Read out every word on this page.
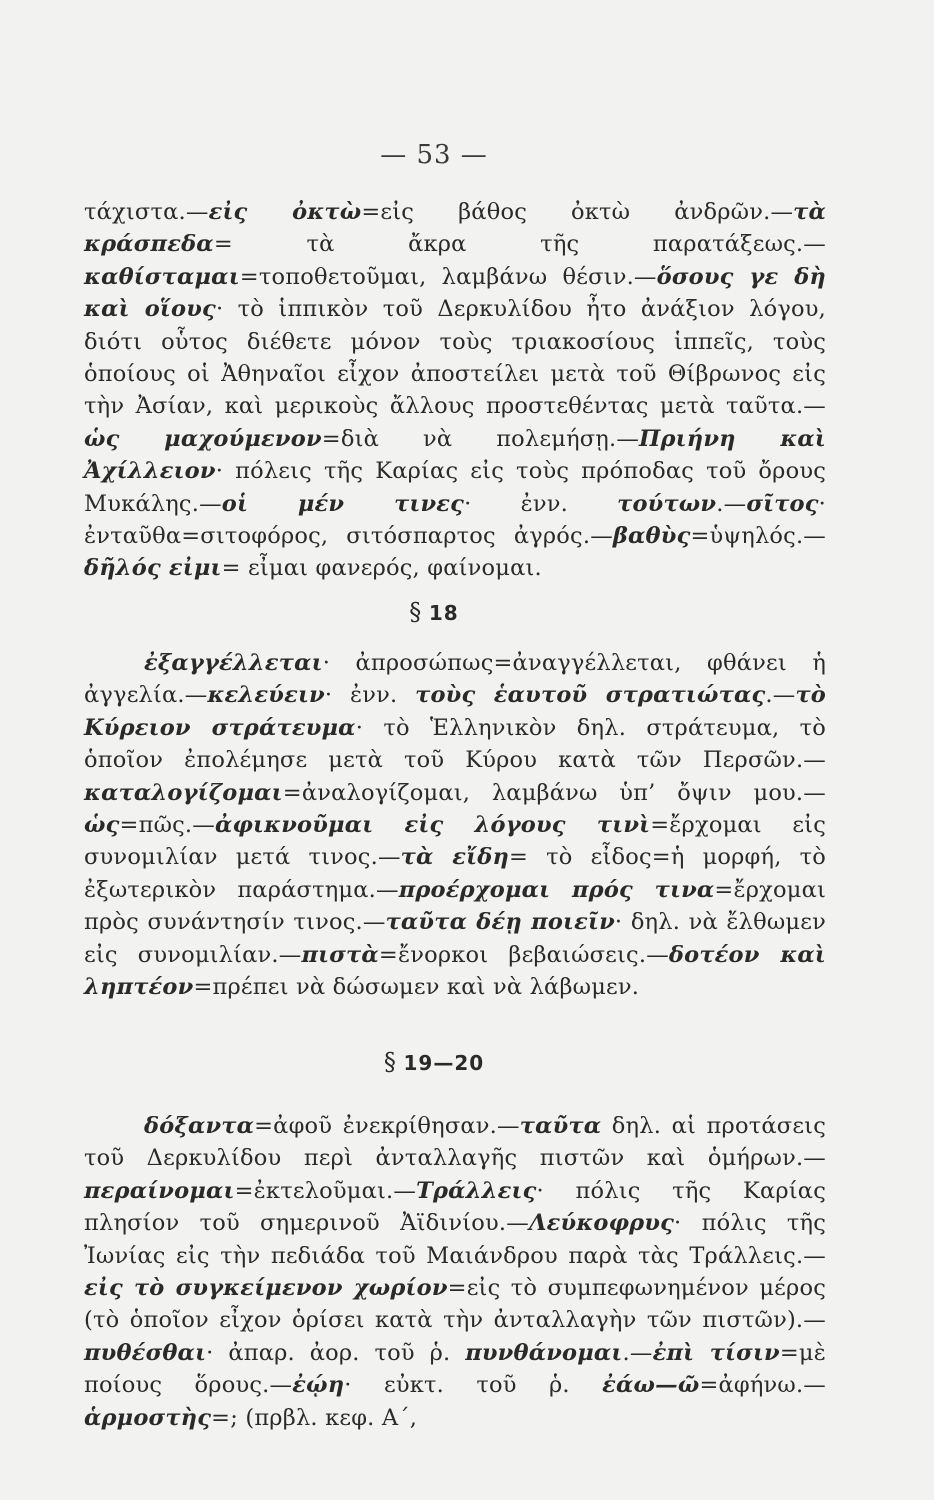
— 53 —
τάχιστα.—εἰς ὀκτὼ=εἰς βάθος ὀκτὼ ἀνδρῶν.—τὰ κράσπεδα= τὰ ἄκρα τῆς παρατάξεως.—καθίσταμαι=τοποθετοῦμαι, λαμβάνω θέσιν.—ὅσους γε δὴ καὶ οἵους· τὸ ἱππικὸν τοῦ Δερκυλίδου ἦτο ἀνάξιον λόγου, διότι οὗτος διέθετε μόνον τοὺς τριακοσίους ἱππεῖς, τοὺς ὁποίους οἱ Ἀθηναῖοι εἶχον ἀποστείλει μετὰ τοῦ Θίβρωνος εἰς τὴν Ἀσίαν, καὶ μερικοὺς ἄλλους προστεθέντας μετὰ ταῦτα.—ὡς μαχούμενον=διὰ νὰ πολεμήσῃ.—Πριήνη καὶ Ἀχίλλειον· πόλεις τῆς Καρίας εἰς τοὺς πρόποδας τοῦ ὄρους Μυκάλης.—οἱ μέν τινες· ἐνν. τούτων.—σῖτος· ἐνταῦθα=σιτοφόρος, σιτόσπαρτος ἀγρός.—βαθὺς=ὑψηλός.—δῆλός εἰμι= εἶμαι φανερός, φαίνομαι.
§ 18
ἐξαγγέλλεται· ἀπροσώπως=ἀναγγέλλεται, φθάνει ἡ ἀγγελία.—κελεύειν· ἐνν. τοὺς ἑαυτοῦ στρατιώτας.—τὸ Κύρειον στράτευμα· τὸ Ἑλληνικὸν δηλ. στράτευμα, τὸ ὁποῖον ἐπολέμησε μετὰ τοῦ Κύρου κατὰ τῶν Περσῶν.—καταλογίζομαι=ἀναλογίζομαι, λαμβάνω ὑπ’ ὄψιν μου.—ὡς=πῶς.—ἀφικνοῦμαι εἰς λόγους τινὶ=ἔρχομαι εἰς συνομιλίαν μετά τινος.—τὰ εἴδη= τὸ εἶδος=ἡ μορφή, τὸ ἐξωτερικὸν παράστημα.—προέρχομαι πρός τινα=ἔρχομαι πρὸς συνάντησίν τινος.—ταῦτα δέῃ ποιεῖν· δηλ. νὰ ἔλθωμεν εἰς συνομιλίαν.—πιστὰ=ἔνορκοι βεβαιώσεις.—δοτέον καὶ ληπτέον=πρέπει νὰ δώσωμεν καὶ νὰ λάβωμεν.
§ 19—20
δόξαντα=ἀφοῦ ἐνεκρίθησαν.—ταῦτα δηλ. αἱ προτάσεις τοῦ Δερκυλίδου περὶ ἀνταλλαγῆς πιστῶν καὶ ὁμήρων.—περαίνομαι=ἐκτελοῦμαι.—Τράλλεις· πόλις τῆς Καρίας πλησίον τοῦ σημερινοῦ Ἀϊδινίου.—Λεύκοφρυς· πόλις τῆς Ἰωνίας εἰς τὴν πεδιάδα τοῦ Μαιάνδρου παρὰ τὰς Τράλλεις.—εἰς τὸ συγκείμενον χωρίον=εἰς τὸ συμπεφωνημένον μέρος (τὸ ὁποῖον εἶχον ὁρίσει κατὰ τὴν ἀνταλλαγὴν τῶν πιστῶν).—πυθέσθαι· ἀπαρ. ἀορ. τοῦ ῥ. πυνθάνομαι.—ἐπὶ τίσιν=μὲ ποίους ὅρους.—ἐῴη· εὐκτ. τοῦ ῥ. ἐάω—ῶ=ἀφήνω.—ἁρμοστὴς=; (πρβλ. κεφ. Α΄,
